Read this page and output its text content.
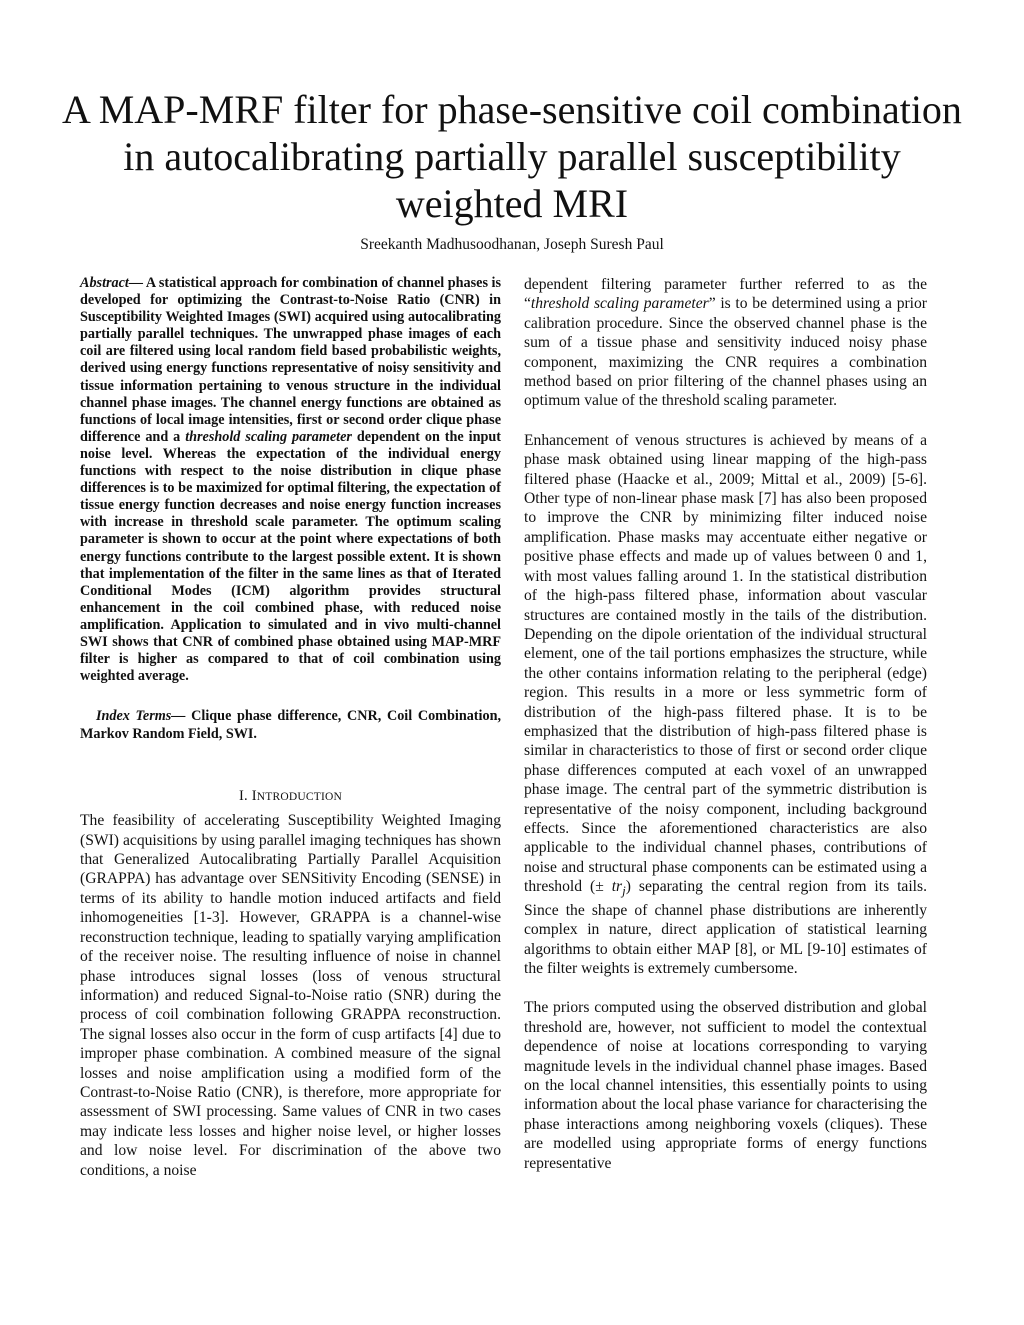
A MAP-MRF filter for phase-sensitive coil combination in autocalibrating partially parallel susceptibility weighted MRI
Sreekanth Madhusoodhanan, Joseph Suresh Paul

Abstract— A statistical approach for combination of channel phases is developed for optimizing the Contrast-to-Noise Ratio (CNR) in Susceptibility Weighted Images (SWI) acquired using autocalibrating partially parallel techniques. The unwrapped phase images of each coil are filtered using local random field based probabilistic weights, derived using energy functions representative of noisy sensitivity and tissue information pertaining to venous structure in the individual channel phase images. The channel energy functions are obtained as functions of local image intensities, first or second order clique phase difference and a threshold scaling parameter dependent on the input noise level. Whereas the expectation of the individual energy functions with respect to the noise distribution in clique phase differences is to be maximized for optimal filtering, the expectation of tissue energy function decreases and noise energy function increases with increase in threshold scale parameter. The optimum scaling parameter is shown to occur at the point where expectations of both energy functions contribute to the largest possible extent. It is shown that implementation of the filter in the same lines as that of Iterated Conditional Modes (ICM) algorithm provides structural enhancement in the coil combined phase, with reduced noise amplification. Application to simulated and in vivo multi-channel SWI shows that CNR of combined phase obtained using MAP-MRF filter is higher as compared to that of coil combination using weighted average.

Index Terms— Clique phase difference, CNR, Coil Combination, Markov Random Field, SWI.

I. INTRODUCTION

The feasibility of accelerating Susceptibility Weighted Imaging (SWI) acquisitions by using parallel imaging techniques has shown that Generalized Autocalibrating Partially Parallel Acquisition (GRAPPA) has advantage over SENSitivity Encoding (SENSE) in terms of its ability to handle motion induced artifacts and field inhomogeneities [1-3]. However, GRAPPA is a channel-wise reconstruction technique, leading to spatially varying amplification of the receiver noise. The resulting influence of noise in channel phase introduces signal losses (loss of venous structural information) and reduced Signal-to-Noise ratio (SNR) during the process of coil combination following GRAPPA reconstruction. The signal losses also occur in the form of cusp artifacts [4] due to improper phase combination. A combined measure of the signal losses and noise amplification using a modified form of the Contrast-to-Noise Ratio (CNR), is therefore, more appropriate for assessment of SWI processing. Same values of CNR in two cases may indicate less losses and higher noise level, or higher losses and low noise level. For discrimination of the above two conditions, a noise

dependent filtering parameter further referred to as the “threshold scaling parameter” is to be determined using a prior calibration procedure. Since the observed channel phase is the sum of a tissue phase and sensitivity induced noisy phase component, maximizing the CNR requires a combination method based on prior filtering of the channel phases using an optimum value of the threshold scaling parameter.

Enhancement of venous structures is achieved by means of a phase mask obtained using linear mapping of the high-pass filtered phase (Haacke et al., 2009; Mittal et al., 2009) [5-6]. Other type of non-linear phase mask [7] has also been proposed to improve the CNR by minimizing filter induced noise amplification. Phase masks may accentuate either negative or positive phase effects and made up of values between 0 and 1, with most values falling around 1. In the statistical distribution of the high-pass filtered phase, information about vascular structures are contained mostly in the tails of the distribution. Depending on the dipole orientation of the individual structural element, one of the tail portions emphasizes the structure, while the other contains information relating to the peripheral (edge) region. This results in a more or less symmetric form of distribution of the high-pass filtered phase. It is to be emphasized that the distribution of high-pass filtered phase is similar in characteristics to those of first or second order clique phase differences computed at each voxel of an unwrapped phase image. The central part of the symmetric distribution is representative of the noisy component, including background effects. Since the aforementioned characteristics are also applicable to the individual channel phases, contributions of noise and structural phase components can be estimated using a threshold (± $tr_j$) separating the central region from its tails. Since the shape of channel phase distributions are inherently complex in nature, direct application of statistical learning algorithms to obtain either MAP [8], or ML [9-10] estimates of the filter weights is extremely cumbersome.

The priors computed using the observed distribution and global threshold are, however, not sufficient to model the contextual dependence of noise at locations corresponding to varying magnitude levels in the individual channel phase images. Based on the local channel intensities, this essentially points to using information about the local phase variance for characterising the phase interactions among neighboring voxels (cliques). These are modelled using appropriate forms of energy functions representative
